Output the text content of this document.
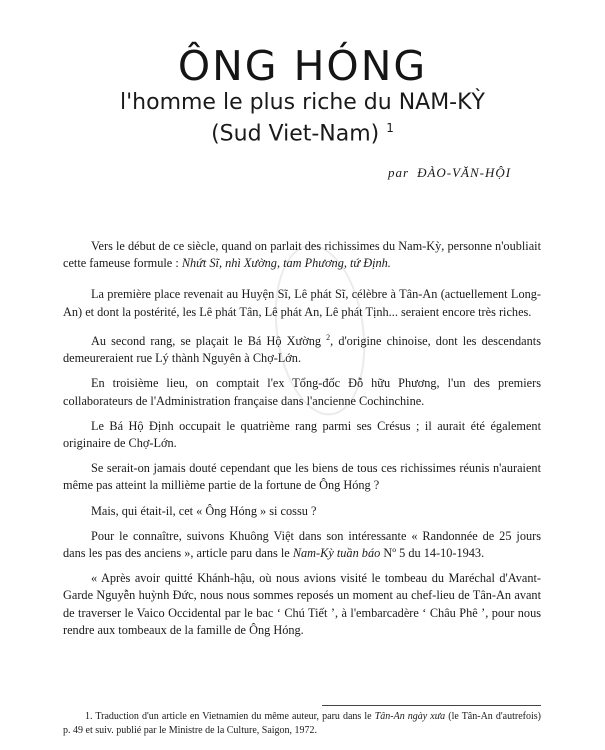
ÔNG HÓNG
l'homme le plus riche du NAM-KỲ
(Sud Viet-Nam) $^1$

par ĐÀO-VĂN-HỘI

Vers le début de ce siècle, quand on parlait des richissimes du Nam-Kỳ, personne n'oubliait cette fameuse formule : Nhứt Sĩ, nhì Xường, tam Phương, tứ Định.

La première place revenait au Huyện Sĩ, Lê phát Sĩ, célèbre à Tân-An (actuellement Long-An) et dont la postérité, les Lê phát Tân, Lê phát An, Lê phát Tịnh... seraient encore très riches.

Au second rang, se plaçait le Bá Hộ Xường $^2$, d'origine chinoise, dont les descendants demeureraient rue Lý thành Nguyên à Chợ-Lớn.

En troisième lieu, on comptait l'ex Tổng-đốc Đỗ hữu Phương, l'un des premiers collaborateurs de l'Administration française dans l'ancienne Cochinchine.

Le Bá Hộ Định occupait le quatrième rang parmi ses Crésus ; il aurait été également originaire de Chợ-Lớn.

Se serait-on jamais douté cependant que les biens de tous ces richissimes réunis n'auraient même pas atteint la millième partie de la fortune de Ông Hóng ?

Mais, qui était-il, cet « Ông Hóng » si cossu ?

Pour le connaître, suivons Khuông Việt dans son intéressante « Randonnée de 25 jours dans les pas des anciens », article paru dans le Nam-Kỳ tuần báo Nº 5 du 14-10-1943.

« Après avoir quitté Khánh-hậu, où nous avions visité le tombeau du Maréchal d'Avant-Garde Nguyễn huỳnh Đức, nous nous sommes reposés un moment au chef-lieu de Tân-An avant de traverser le Vaico Occidental par le bac ‘ Chú Tiết ’, à l'embarcadère ‘ Châu Phê ’, pour nous rendre aux tombeaux de la famille de Ông Hóng.

1. Traduction d'un article en Vietnamien du même auteur, paru dans le Tân-An ngày xưa (le Tân-An d'autrefois) p. 49 et suiv. publié par le Ministre de la Culture, Saigon, 1972.
